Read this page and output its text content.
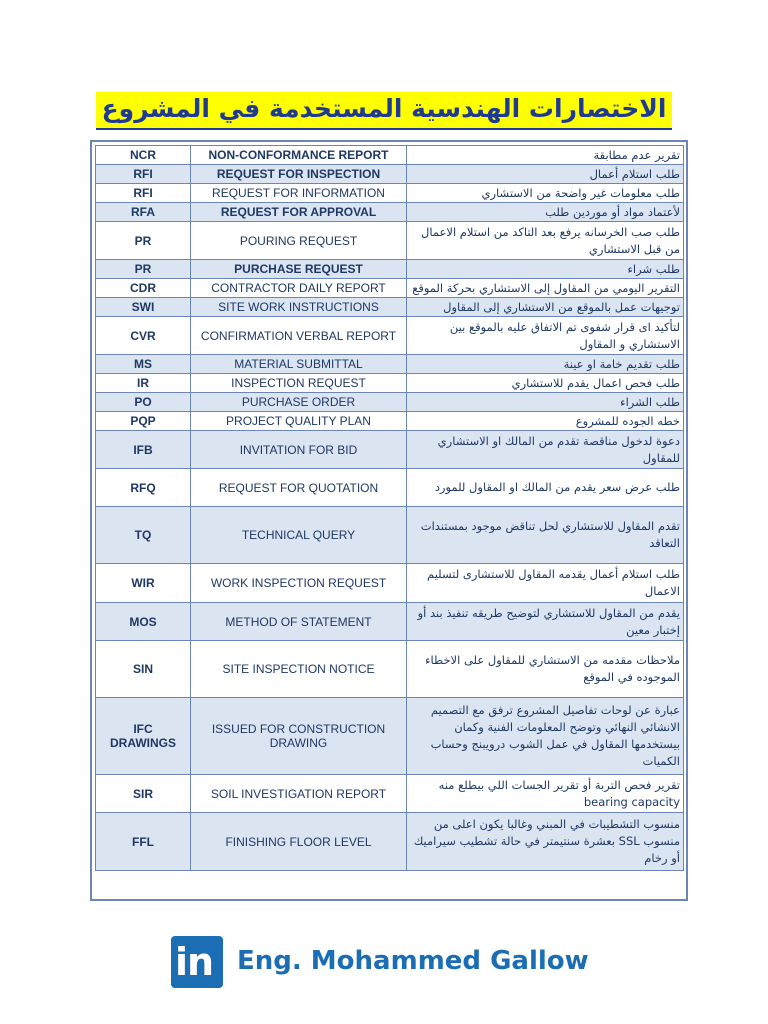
الاختصارات الهندسية المستخدمة في المشروع
NCR	NON-CONFORMANCE REPORT	تقرير عدم مطابقة
RFI	REQUEST FOR INSPECTION	طلب استلام أعمال
RFI	REQUEST FOR INFORMATION	طلب معلومات غير واضحة من الاستشاري
RFA	REQUEST FOR APPROVAL	لأعتماد مواد أو موردين طلب
PR	POURING REQUEST	طلب صب الخرسانه يرفع بعد التاكد من استلام الاعمال من قبل الاستشاري
PR	PURCHASE REQUEST	طلب شراء
CDR	CONTRACTOR DAILY REPORT	التقرير اليومي من المقاول إلى الاستشاري بحركة الموقع
SWI	SITE WORK INSTRUCTIONS	توجيهات عمل بالموقع من الاستشاري إلى المقاول
CVR	CONFIRMATION VERBAL REPORT	لتأكيد اى قرار شفوى تم الاتفاق عليه بالموقع بين الاستشاري و المقاول
MS	MATERIAL SUBMITTAL	طلب تقديم خامة او عينة
IR	INSPECTION REQUEST	طلب فحص اعمال يقدم للاستشاري
PO	PURCHASE ORDER	طلب الشراء
PQP	PROJECT QUALITY PLAN	خطه الجوده للمشروع
IFB	INVITATION FOR BID	دعوة لدخول مناقصة تقدم من المالك او الاستشاري للمقاول
RFQ	REQUEST FOR QUOTATION	طلب عرض سعر يقدم من المالك او المقاول للمورد
TQ	TECHNICAL QUERY	تقدم المقاول للاستشاري لحل تناقض موجود بمستندات التعاقد
WIR	WORK INSPECTION REQUEST	طلب استلام أعمال يقدمه المقاول للاستشارى لتسليم الاعمال
MOS	METHOD OF STATEMENT	يقدم من المقاول للاستشاري لتوضيح طريقه تنفيذ بند أو إختبار معين
SIN	SITE INSPECTION NOTICE	ملاحظات مقدمه من الاستشاري للمقاول على الاخطاء الموجوده في الموقع
IFC DRAWINGS	ISSUED FOR CONSTRUCTION DRAWING	عبارة عن لوحات تفاصيل المشروع ترفق مع التصميم الانشائي النهائي وتوضح المعلومات الفنية وكمان بيستخدمها المقاول في عمل الشوب درويبنج وحساب الكميات
SIR	SOIL INVESTIGATION REPORT	تقرير فحص التربة أو تقرير الجسات اللي بيطلع منه bearing capacity
FFL	FINISHING FLOOR LEVEL	منسوب التشطيبات في المبني وغالبا يكون اعلى من منسوب SSL بعشرة سنتيمتر في حالة تشطيب سيراميك أو رخام
in Eng. Mohammed Gallow
